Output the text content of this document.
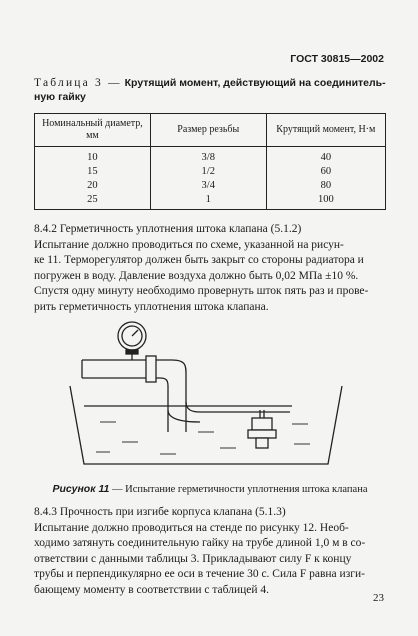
ГОСТ 30815—2002
Таблица 3 — Крутящий момент, действующий на соединитель-
ную гайку
Номинальный диаметр, мм	Размер резьбы	Крутящий момент, Н·м
10	3/8	40
15	1/2	60
20	3/4	80
25	1	100
8.4.2 Герметичность уплотнения штока клапана (5.1.2)
Испытание должно проводиться по схеме, указанной на рисун-
ке 11. Терморегулятор должен быть закрыт со стороны радиатора и
погружен в воду. Давление воздуха должно быть 0,02 МПа ±10 %.
Спустя одну минуту необходимо провернуть шток пять раз и прове-
рить герметичность уплотнения штока клапана.
Рисунок 11 — Испытание герметичности уплотнения штока клапана
8.4.3 Прочность при изгибе корпуса клапана (5.1.3)
Испытание должно проводиться на стенде по рисунку 12. Необ-
ходимо затянуть соединительную гайку на трубе длиной 1,0 м в со-
ответствии с данными таблицы 3. Прикладывают силу F к концу
трубы и перпендикулярно ее оси в течение 30 с. Сила F равна изги-
бающему моменту в соответствии с таблицей 4.
23
